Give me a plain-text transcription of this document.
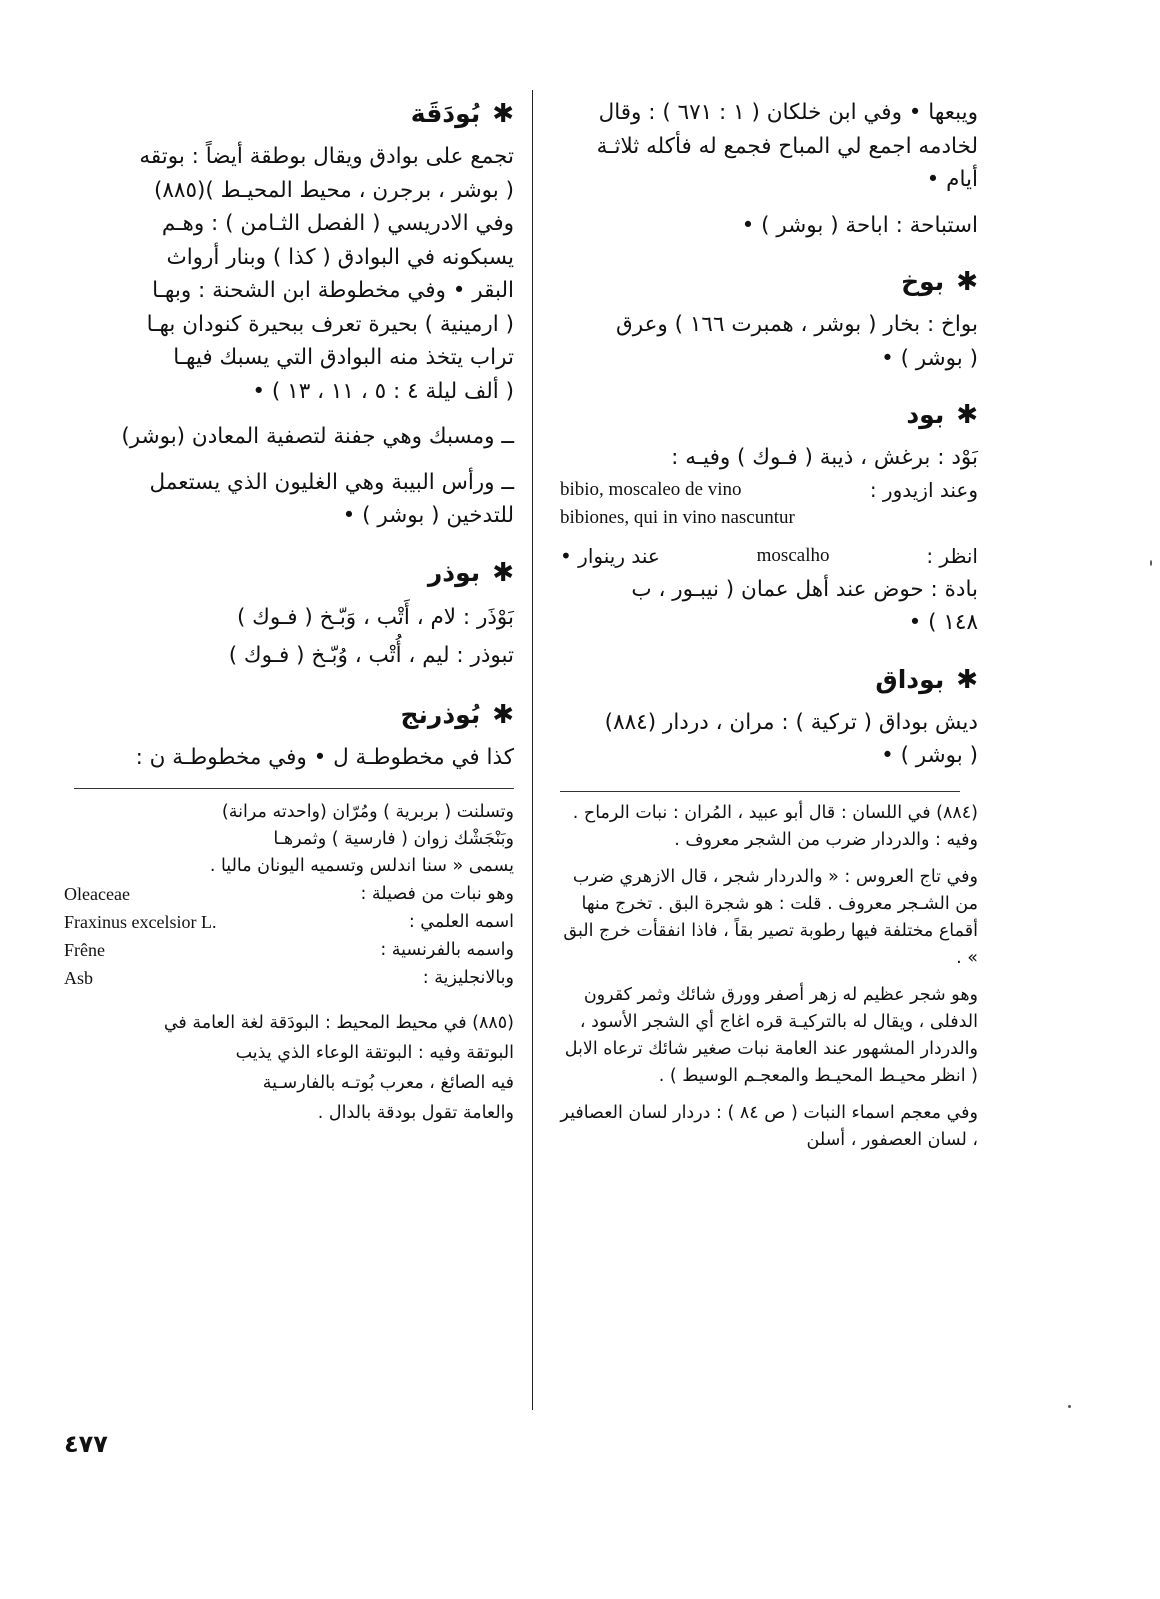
ويبعها • وفي ابن خلكان ( ١ : ٦٧١ ) : وقال

لخادمه اجمع لي المباح فجمع له فأكله ثلاثـة

أيام •

استباحة : اباحة ( بوشر ) •

✱بوخ

بواخ : بخار ( بوشر ، همبرت ١٦٦ ) وعرق

( بوشر ) •

✱بود

بَوْد : برغش ، ذيبة ( فـوك ) وفيـه :

وعند ازيدور :
bibio, moscaleo de vino

bibiones, qui in vino nascuntur

انظر :
moscalho
عند رينوار •

بادة : حوض عند أهل عمان ( نيبـور ، ب

١٤٨ ) •

✱بوداق

ديش بوداق ( تركية ) : مران ، دردار (٨٨٤)

( بوشر ) •

(٨٨٤) في اللسان : قال أبو عبيد ، المُران : نبات الرماح . وفيه : والدردار ضرب من الشجر معروف .

وفي تاج العروس : « والدردار شجر ، قال الازهري ضرب من الشـجر معروف . قلت : هو شجرة البق . تخرج منها أقماع مختلفة فيها رطوبة تصير بقاً ، فاذا انفقأت خرج البق » .

وهو شجر عظيم له زهر أصفر وورق شائك وثمر كقرون الدفلى ، ويقال له بالتركيـة قره اغاج أي الشجر الأسود ، والدردار المشهور عند العامة نبات صغير شائك ترعاه الابل ( انظر محيـط المحيـط والمعجـم الوسيط ) .

وفي معجم اسماء النبات ( ص ٨٤ ) : دردار لسان العصافير ، لسان العصفور ، أسلن

✱بُودَقَة

تجمع على بوادق ويقال بوطقة أيضاً : بوتقه

( بوشر ، برجرن ، محيط المحيـط )(٨٨٥)

وفي الادريسي ( الفصل الثـامن ) : وهـم

يسبكونه في البوادق ( كذا ) وبنار أرواث

البقر • وفي مخطوطة ابن الشحنة : وبهـا

( ارمينية ) بحيرة تعرف ببحيرة كنودان بهـا

تراب يتخذ منه البوادق التي يسبك فيهـا

( ألف ليلة ٤ : ٥ ، ١١ ، ١٣ ) •

ــ ومسبك وهي جفنة لتصفية المعادن (بوشر)

ــ ورأس البيبة وهي الغليون الذي يستعمل

للتدخين ( بوشر ) •

✱بوذر

بَوْذَر : لام ، أَتْب ، وَبّـخ ( فـوك )

تبوذر : ليم ، أُتْب ، وُبّـخ ( فـوك )

✱بُوذرنج

كذا في مخطوطـة ل • وفي مخطوطـة ن :

وتسلنت ( بربرية ) ومُرّان (واحدته مرانة)

وبَنْجَشْك زوان ( فارسية ) وثمرهـا

يسمى « سنا اندلس وتسميه اليونان ماليا .

وهو نبات من فصيلة :
Oleaceae
اسمه العلمي :
Fraxinus excelsior L.
واسمه بالفرنسية :
Frêne
وبالانجليزية :
Asb

(٨٨٥) في محيط المحيط : البودَقة لغة العامة في

البوتقة وفيه : البوتقة الوعاء الذي يذيب

فيه الصائغ ، معرب بُوتـه بالفارسـية

والعامة تقول بودقة بالدال .

٤٧٧
